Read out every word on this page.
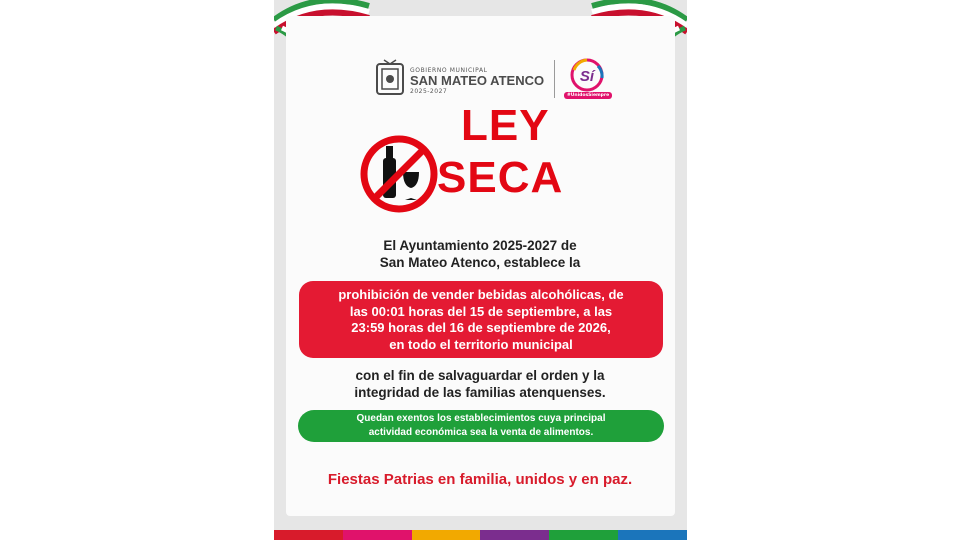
GOBIERNO MUNICIPAL
SAN MATEO ATENCO
2025-2027
Sí
#UnidosSiempre
LEY
SECA
El Ayuntamiento 2025-2027 de
San Mateo Atenco, establece la
prohibición de vender bebidas alcohólicas, de
las 00:01 horas del 15 de septiembre, a las
23:59 horas del 16 de septiembre de 2026,
en todo el territorio municipal
con el fin de salvaguardar el orden y la
integridad de las familias atenquenses.
Quedan exentos los establecimientos cuya principal
actividad económica sea la venta de alimentos.
Fiestas Patrias en familia, unidos y en paz.
